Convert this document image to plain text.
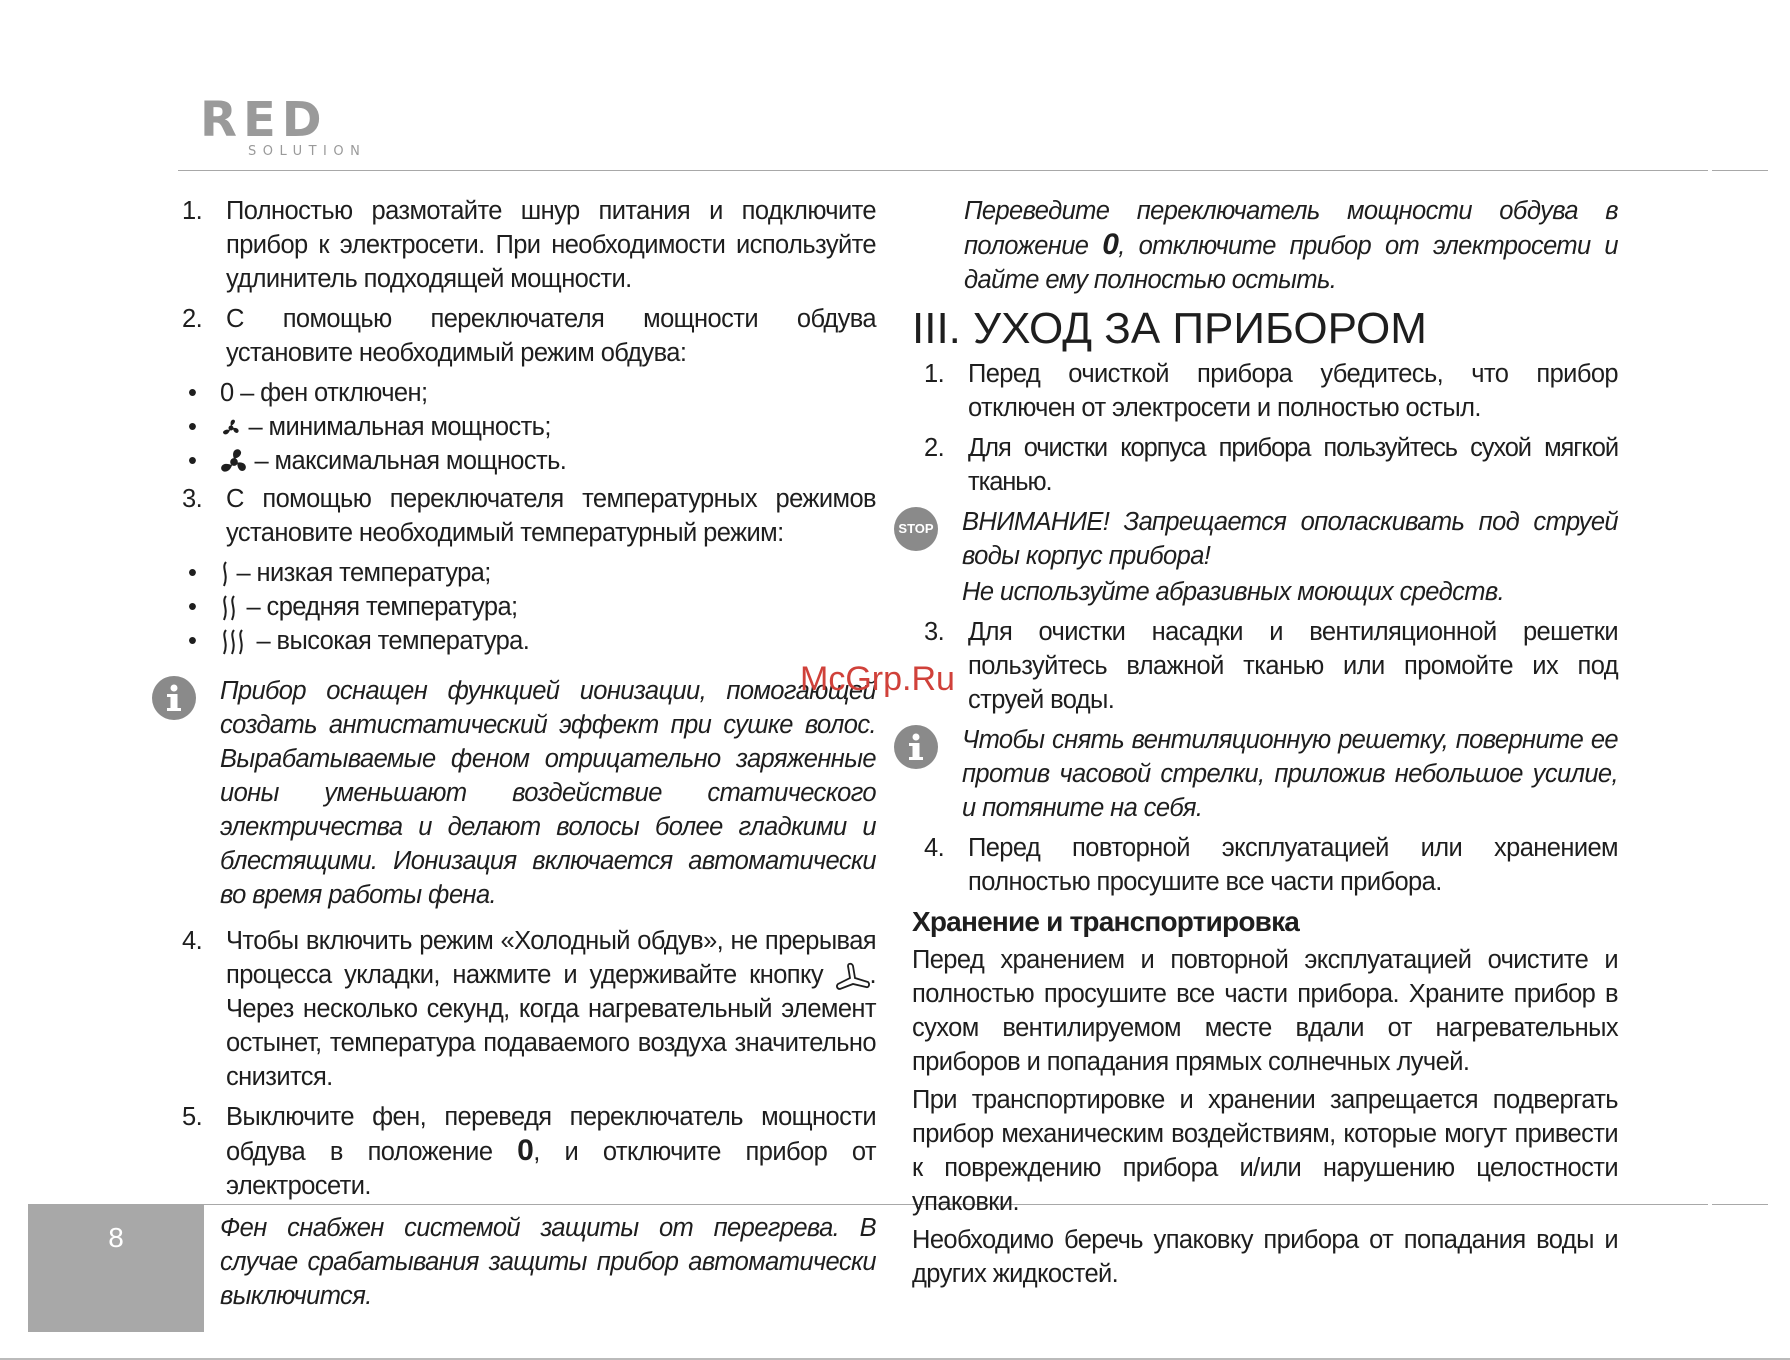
RED
SOLUTION
1. Полностью размотайте шнур питания и подключите прибор к электросети. При необходимости используйте удлинитель подходящей мощности.
2. С помощью переключателя мощности обдува установите необходимый режим обдува:
• 0 – фен отключен;
•	– минимальная мощность;
•	– максимальная мощность.
3. С помощью переключателя температурных режимов установите необходимый температурный режим:
•	– низкая температура;
•	– средняя температура;
•	– высокая температура.
Прибор оснащен функцией ионизации, помогающей создать антистатический эффект при сушке волос. Вырабатываемые феном отрицательно заряженные ионы уменьшают воздействие статического электричества и делают волосы более гладкими и блестящими. Ионизация включается автоматически во время работы фена.
4. Чтобы включить режим «Холодный обдув», не прерывая процесса укладки, нажмите и удерживайте кнопку . Через несколько секунд, когда нагревательный элемент остынет, температура подаваемого воздуха значительно снизится.
5. Выключите фен, переведя переключатель мощности обдува в положение 0, и отключите прибор от электросети.
Фен снабжен системой защиты от перегрева. В случае срабатывания защиты прибор автоматически выключится.
Переведите переключатель мощности обдува в положение 0, отключите прибор от электросети и дайте ему полностью остыть.
III. УХОД ЗА ПРИБОРОМ
1. Перед очисткой прибора убедитесь, что прибор отключен от электросети и полностью остыл.
2. Для очистки корпуса прибора пользуйтесь сухой мягкой тканью.
STOP ВНИМАНИЕ! Запрещается ополаскивать под струей воды корпус прибора!
Не используйте абразивных моющих средств.
3. Для очистки насадки и вентиляционной решетки пользуйтесь влажной тканью или промойте их под струей воды.
Чтобы снять вентиляционную решетку, поверните ее против часовой стрелки, приложив небольшое усилие, и потяните на себя.
4. Перед повторной эксплуатацией или хранением полностью просушите все части прибора.
Хранение и транспортировка
Перед хранением и повторной эксплуатацией очистите и полностью просушите все части прибора. Храните прибор в сухом вентилируемом месте вдали от нагревательных приборов и попадания прямых солнечных лучей.
При транспортировке и хранении запрещается подвергать прибор механическим воздействиям, которые могут привести к повреждению прибора и/или нарушению целостности упаковки.
Необходимо беречь упаковку прибора от попадания воды и других жидкостей.
McGrp.Ru
8
